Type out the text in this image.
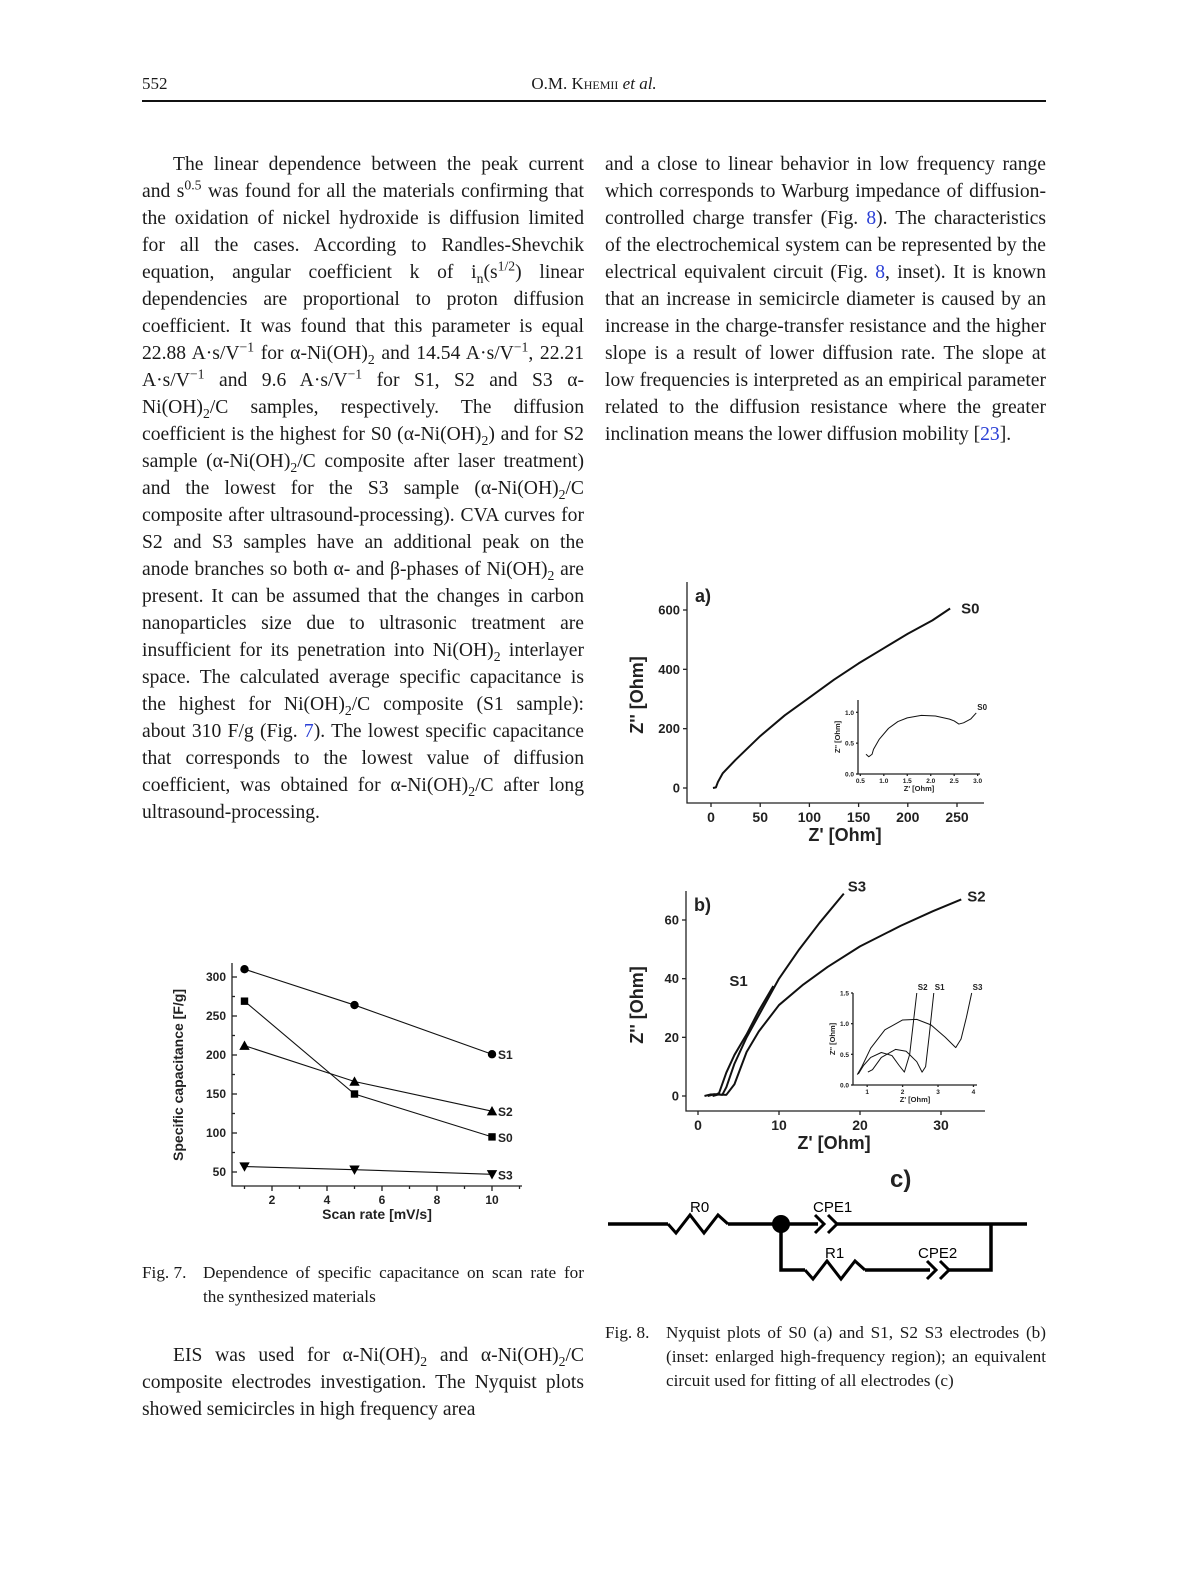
552	O.M. Khemii et al.

The linear dependence between the peak current and $s^{0.5}$ was found for all the materials confirming that the oxidation of nickel hydroxide is diffusion limited for all the cases. According to Randles-Shevchik equation, angular coefficient k of $i_n(s^{1/2})$ linear dependencies are proportional to proton diffusion coefficient. It was found that this parameter is equal 22.88 $A\cdot s/V^{-1}$ for $\alpha-Ni(OH)_2$ and 14.54 $A\cdot s/V^{-1}$, 22.21 $A\cdot s/V^{-1}$ and 9.6 $A\cdot s/V^{-1}$ for S1, S2 and S3 $\alpha-Ni(OH)_2/C$ samples, respectively. The diffusion coefficient is the highest for S0 $(\alpha-Ni(OH)_2)$ and for S2 sample ($\alpha-Ni(OH)_2/C$ composite after laser treatment) and the lowest for the S3 sample ($\alpha-Ni(OH)_2/C$ composite after ultrasound-processing). CVA curves for S2 and S3 samples have an additional peak on the anode branches so both α- and β-phases of $Ni(OH)_2$ are present. It can be assumed that the changes in carbon nanoparticles size due to ultrasonic treatment are insufficient for its penetration into $Ni(OH)_2$ interlayer space. The calculated average specific capacitance is the highest for $Ni(OH)_2/C$ composite (S1 sample): about 310 F/g (Fig. 7). The lowest specific capacitance that corresponds to the lowest value of diffusion coefficient, was obtained for $\alpha-Ni(OH)_2/C$ after long ultrasound-processing.

and a close to linear behavior in low frequency range which corresponds to Warburg impedance of diffusion-controlled charge transfer (Fig. 8). The characteristics of the electrochemical system can be represented by the electrical equivalent circuit (Fig. 8, inset). It is known that an increase in semicircle diameter is caused by an increase in the charge-transfer resistance and the higher slope is a result of lower diffusion rate. The slope at low frequencies is interpreted as an empirical parameter related to the diffusion resistance where the greater inclination means the lower diffusion mobility [23].

EIS was used for $\alpha-Ni(OH)_2$ and $\alpha-Ni(OH)_2/C$ composite electrodes investigation. The Nyquist plots showed semicircles in high frequency area

Fig. 7. Dependence of specific capacitance on scan rate for the synthesized materials
Fig. 8. Nyquist plots of S0 (a) and S1, S2 S3 electrodes (b) (inset: enlarged high-frequency region); an equivalent circuit used for fitting of all electrodes (c)
50
100
150
200
250
300
2	4	6	8	10
Scan rate [mV/s]
Specific capacitance [F/g]	S1
S0
S2
S3
0
200
400
600
0	50 100 150 200 250
Z' [Ohm]
Z'' [Ohm]
a)
S0
0.0
0.5
1.0
0.5 1.0 1.5 2.0 2.5 3.0
Z' [Ohm]
Z'' [Ohm]
S0
0
20
40
60
0	10	20	30
Z' [Ohm]
Z'' [Ohm]
b)
S1
S3
S2
0.0
0.5
1.0
1.5
1	2	3	4
Z' [Ohm]
Z'' [Ohm]
S2 S1	S3
c)
R0	CPE1
R1	CPE2
